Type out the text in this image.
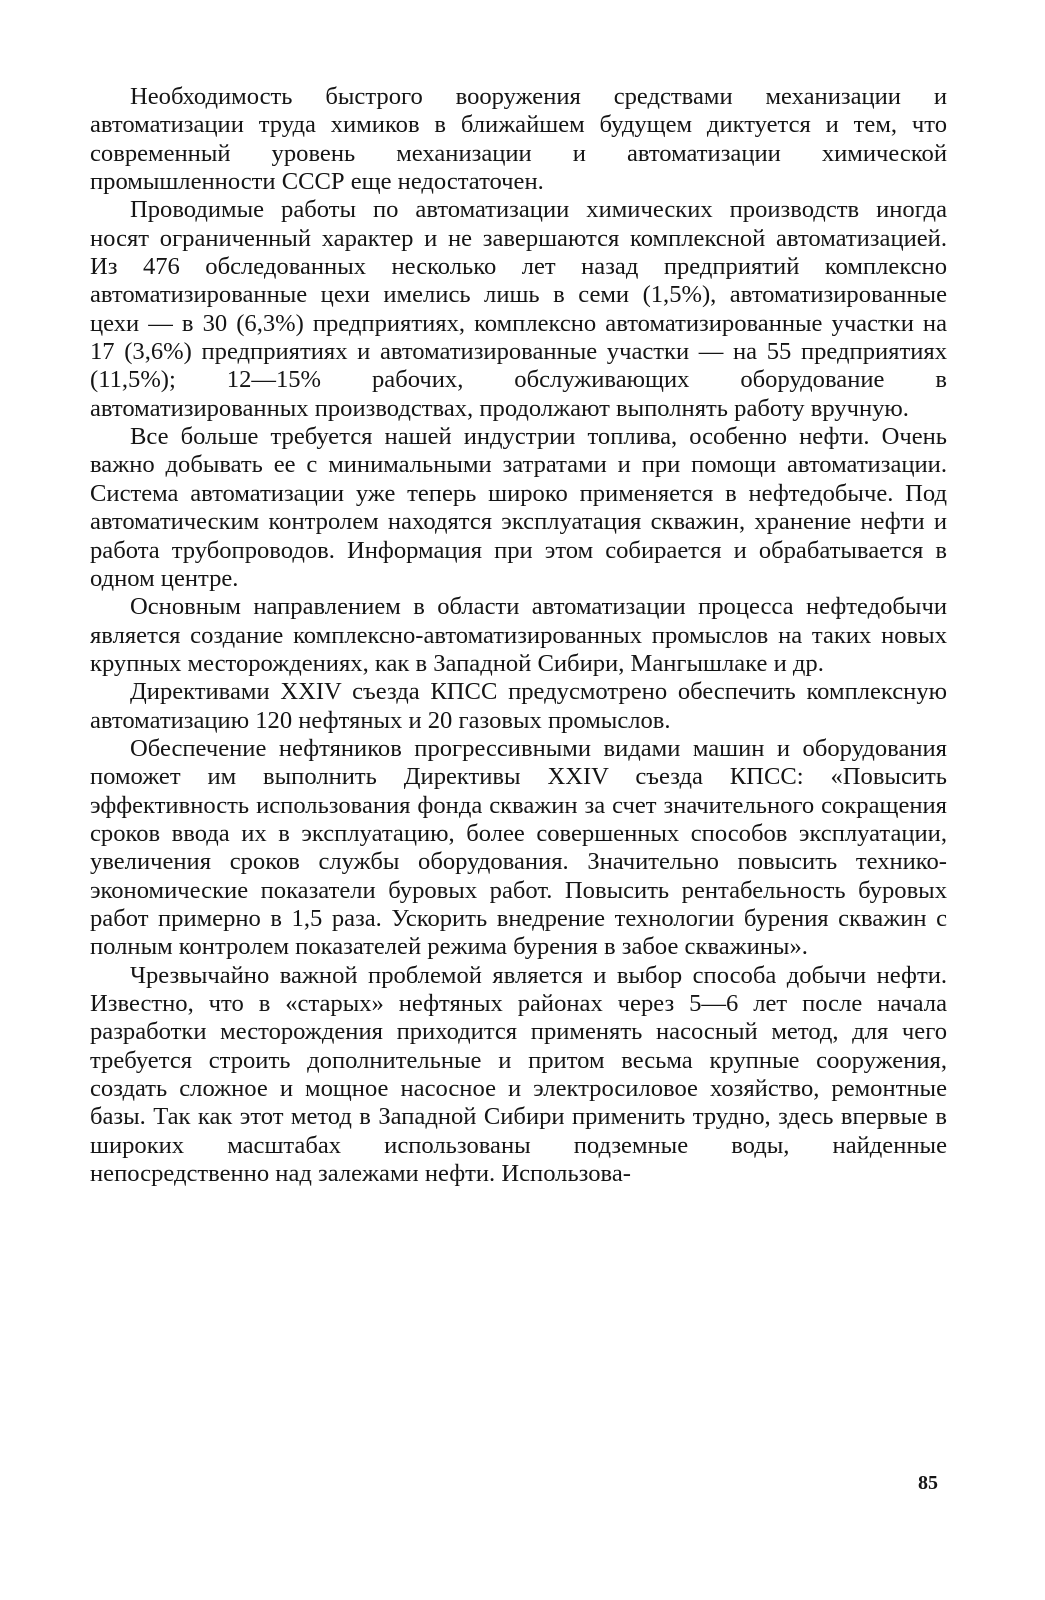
Необходимость быстрого вооружения средствами механизации и автоматизации труда химиков в ближайшем будущем диктуется и тем, что современный уровень механизации и автоматизации химической промышленности СССР еще недостаточен.

Проводимые работы по автоматизации химических производств иногда носят ограниченный характер и не завершаются комплексной автоматизацией. Из 476 обследованных несколько лет назад предприятий комплексно автоматизированные цехи имелись лишь в семи (1,5%), автоматизированные цехи — в 30 (6,3%) предприятиях, комплексно автоматизированные участки на 17 (3,6%) предприятиях и автоматизированные участки — на 55 предприятиях (11,5%); 12—15% рабочих, обслуживающих оборудование в автоматизированных производствах, продолжают выполнять работу вручную.

Все больше требуется нашей индустрии топлива, особенно нефти. Очень важно добывать ее с минимальными затратами и при помощи автоматизации. Система автоматизации уже теперь широко применяется в нефтедобыче. Под автоматическим контролем находятся эксплуатация скважин, хранение нефти и работа трубопроводов. Информация при этом собирается и обрабатывается в одном центре.

Основным направлением в области автоматизации процесса нефтедобычи является создание комплексно-автоматизированных промыслов на таких новых крупных месторождениях, как в Западной Сибири, Мангышлаке и др.

Директивами XXIV съезда КПСС предусмотрено обеспечить комплексную автоматизацию 120 нефтяных и 20 газовых промыслов.

Обеспечение нефтяников прогрессивными видами машин и оборудования поможет им выполнить Директивы XXIV съезда КПСС: «Повысить эффективность использования фонда скважин за счет значительного сокращения сроков ввода их в эксплуатацию, более совершенных способов эксплуатации, увеличения сроков службы оборудования. Значительно повысить технико-экономические показатели буровых работ. Повысить рентабельность буровых работ примерно в 1,5 раза. Ускорить внедрение технологии бурения скважин с полным контролем показателей режима бурения в забое скважины».

Чрезвычайно важной проблемой является и выбор способа добычи нефти. Известно, что в «старых» нефтяных районах через 5—6 лет после начала разработки месторождения приходится применять насосный метод, для чего требуется строить дополнительные и притом весьма крупные сооружения, создать сложное и мощное насосное и электросиловое хозяйство, ремонтные базы. Так как этот метод в Западной Сибири применить трудно, здесь впервые в широких масштабах использованы подземные воды, найденные непосредственно над залежами нефти. Использова-

85
